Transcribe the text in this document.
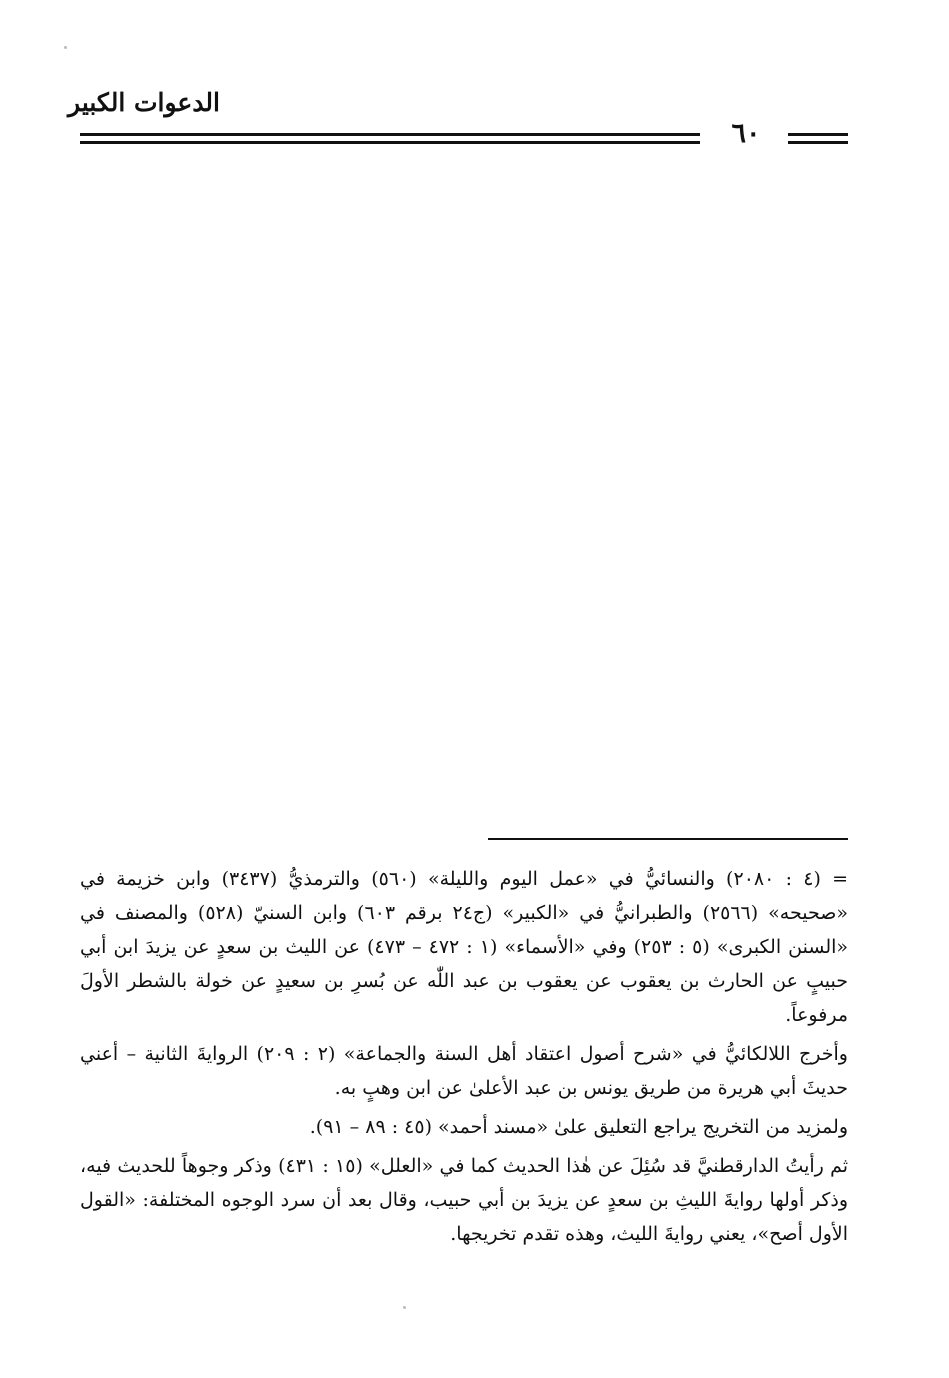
الدعوات الكبير
٦٠

= (٤ : ٢٠٨٠) والنسائيُّ في «عمل اليوم والليلة» (٥٦٠) والترمذيُّ (٣٤٣٧) وابن خزيمة في «صحيحه» (٢٥٦٦) والطبرانيُّ في «الكبير» (ج٢٤ برقم ٦٠٣) وابن السنيّ (٥٢٨) والمصنف في «السنن الكبرى» (٥ : ٢٥٣) وفي «الأسماء» (١ : ٤٧٢ – ٤٧٣) عن الليث بن سعدٍ عن يزيدَ ابن أبي حبيبٍ عن الحارث بن يعقوب عن يعقوب بن عبد اللّٰه عن بُسرِ بن سعيدٍ عن خولة بالشطر الأولَ مرفوعاً.

وأخرج اللالكائيُّ في «شرح أصول اعتقاد أهل السنة والجماعة» (٢ : ٢٠٩) الروايةَ الثانية – أعني حديثَ أبي هريرة من طريق يونس بن عبد الأعلىٰ عن ابن وهبٍ به.

ولمزيد من التخريج يراجع التعليق علىٰ «مسند أحمد» (٤٥ : ٨٩ – ٩١).

ثم رأيتُ الدارقطنيَّ قد سُئِلَ عن هٰذا الحديث كما في «العلل» (١٥ : ٤٣١) وذكر وجوهاً للحديث فيه، وذكر أولها روايةَ الليثِ بن سعدٍ عن يزيدَ بن أبي حبيب، وقال بعد أن سرد الوجوه المختلفة: «القول الأول أصح»، يعني روايةَ الليث، وهذه تقدم تخريجها.
